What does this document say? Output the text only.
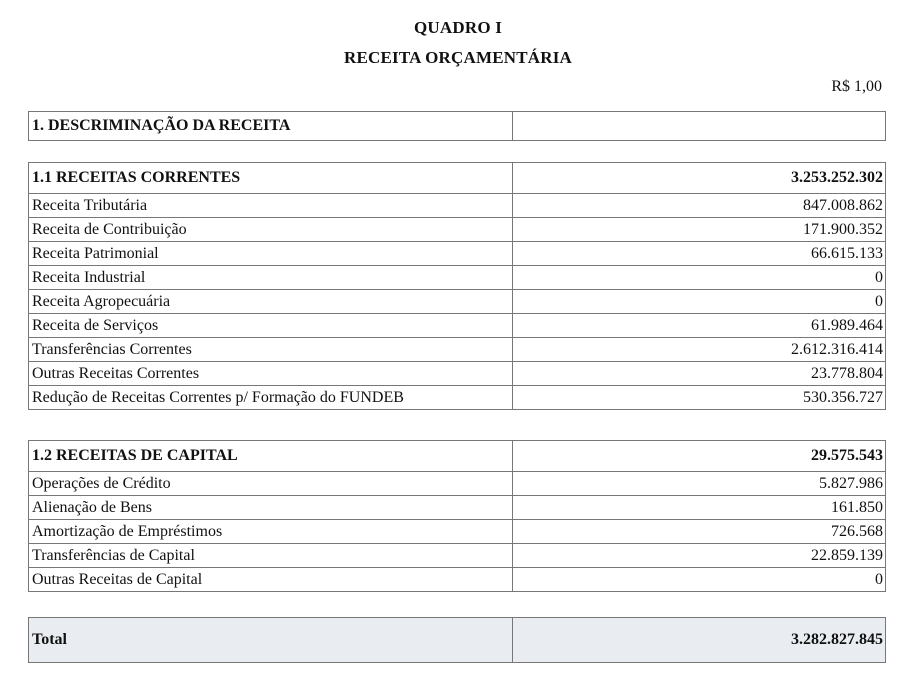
QUADRO I
RECEITA ORÇAMENTÁRIA
R$ 1,00
1. DESCRIMINAÇÃO DA RECEITA	
1.1 RECEITAS CORRENTES	3.253.252.302
Receita Tributária	847.008.862
Receita de Contribuição	171.900.352
Receita Patrimonial	66.615.133
Receita Industrial	0
Receita Agropecuária	0
Receita de Serviços	61.989.464
Transferências Correntes	2.612.316.414
Outras Receitas Correntes	23.778.804
Redução de Receitas Correntes p/ Formação do FUNDEB	530.356.727
1.2 RECEITAS DE CAPITAL	29.575.543
Operações de Crédito	5.827.986
Alienação de Bens	161.850
Amortização de Empréstimos	726.568
Transferências de Capital	22.859.139
Outras Receitas de Capital	0
Total	3.282.827.845
